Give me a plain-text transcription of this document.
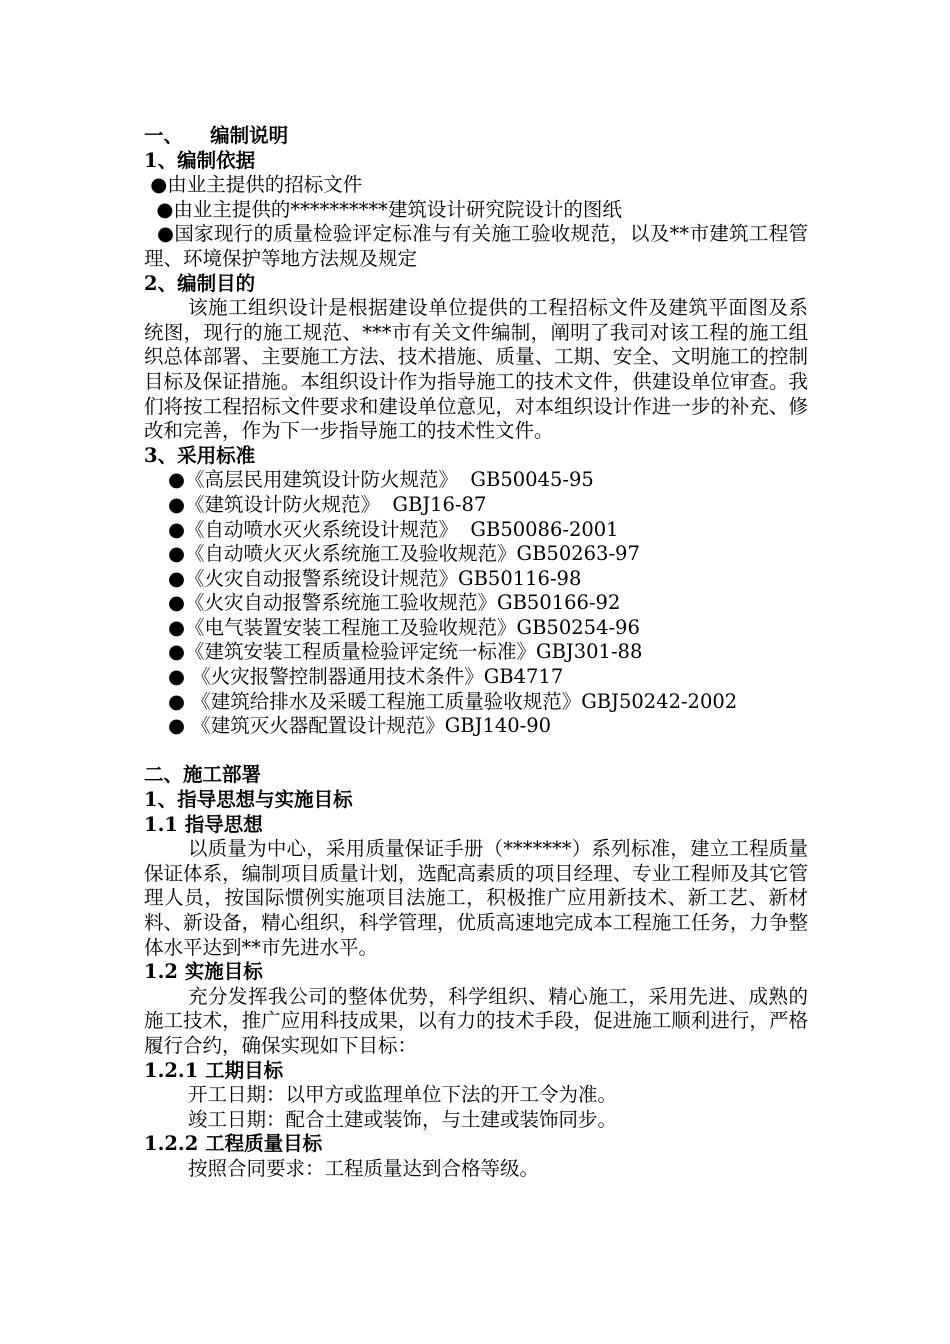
一、    编制说明
1、编制依据
●由业主提供的招标文件
●由业主提供的**********建筑设计研究院设计的图纸
●国家现行的质量检验评定标准与有关施工验收规范，以及**市建筑工程管理、环境保护等地方法规及规定
2、编制目的
该施工组织设计是根据建设单位提供的工程招标文件及建筑平面图及系统图，现行的施工规范、***市有关文件编制，阐明了我司对该工程的施工组织总体部署、主要施工方法、技术措施、质量、工期、安全、文明施工的控制目标及保证措施。本组织设计作为指导施工的技术文件，供建设单位审查。我们将按工程招标文件要求和建设单位意见，对本组织设计作进一步的补充、修改和完善，作为下一步指导施工的技术性文件。
3、采用标准
●《高层民用建筑设计防火规范》  GB50045-95
●《建筑设计防火规范》  GBJ16-87
●《自动喷水灭火系统设计规范》  GB50086-2001
●《自动喷火灭火系统施工及验收规范》GB50263-97
●《火灾自动报警系统设计规范》GB50116-98
●《火灾自动报警系统施工验收规范》GB50166-92
●《电气装置安装工程施工及验收规范》GB50254-96
●《建筑安装工程质量检验评定统一标准》GBJ301-88
● 《火灾报警控制器通用技术条件》GB4717
● 《建筑给排水及采暖工程施工质量验收规范》GBJ50242-2002
● 《建筑灭火器配置设计规范》GBJ140-90
二、施工部署
1、指导思想与实施目标
1.1 指导思想
以质量为中心，采用质量保证手册（*******）系列标准，建立工程质量保证体系，编制项目质量计划，选配高素质的项目经理、专业工程师及其它管理人员，按国际惯例实施项目法施工，积极推广应用新技术、新工艺、新材料、新设备，精心组织，科学管理，优质高速地完成本工程施工任务，力争整体水平达到**市先进水平。
1.2 实施目标
充分发挥我公司的整体优势，科学组织、精心施工，采用先进、成熟的施工技术，推广应用科技成果，以有力的技术手段，促进施工顺利进行，严格履行合约，确保实现如下目标：
1.2.1 工期目标
开工日期：以甲方或监理单位下法的开工令为准。
竣工日期：配合土建或装饰，与土建或装饰同步。
1.2.2 工程质量目标
按照合同要求：工程质量达到合格等级。
